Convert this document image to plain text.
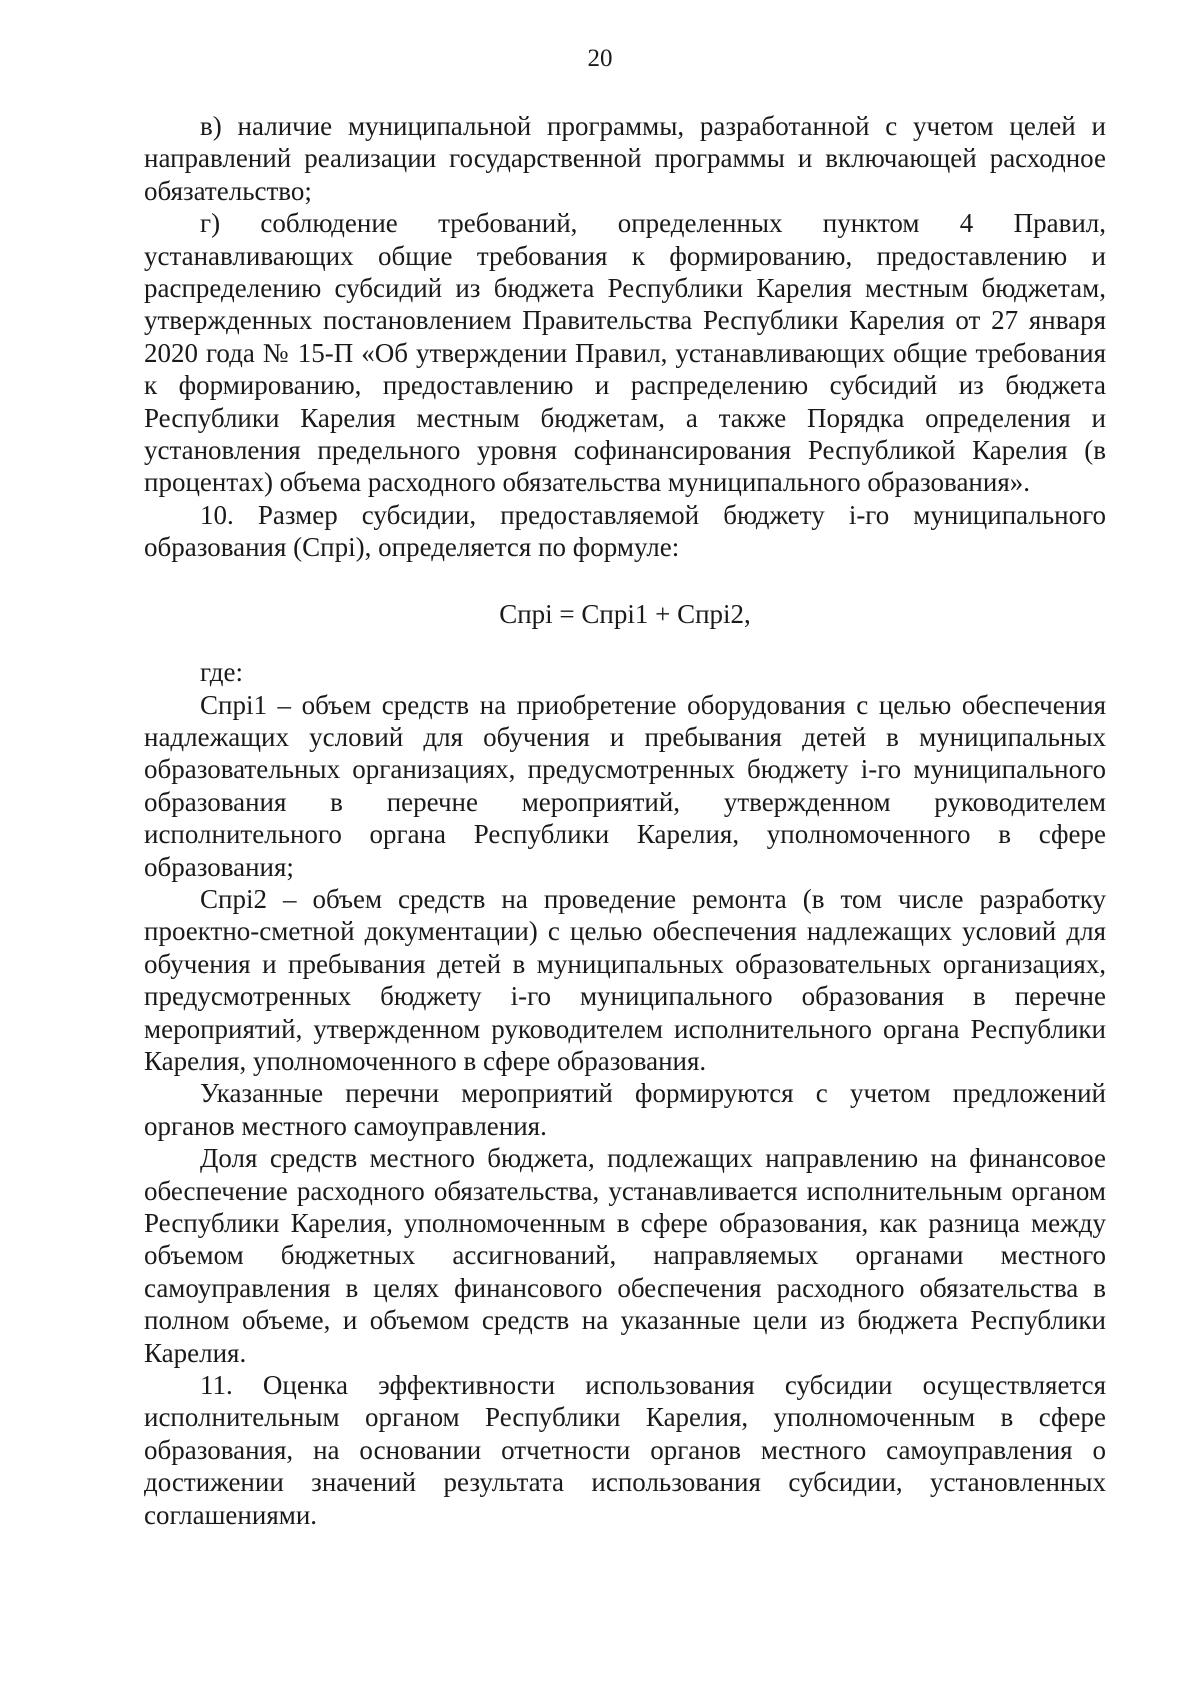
20

в) наличие муниципальной программы, разработанной с учетом целей и направлений реализации государственной программы и включающей расходное обязательство;

г) соблюдение требований, определенных пунктом 4 Правил, устанавливающих общие требования к формированию, предоставлению и распределению субсидий из бюджета Республики Карелия местным бюджетам, утвержденных постановлением Правительства Республики Карелия от 27 января 2020 года № 15-П «Об утверждении Правил, устанавливающих общие требования к формированию, предоставлению и распределению субсидий из бюджета Республики Карелия местным бюджетам, а также Порядка определения и установления предельного уровня софинансирования Республикой Карелия (в процентах) объема расходного обязательства муниципального образования».

10. Размер субсидии, предоставляемой бюджету i-го муниципального образования (Cпрi), определяется по формуле:

Cпрi = Cпрi1 + Cпрi2,

где:

Cпрi1 – объем средств на приобретение оборудования с целью обеспечения надлежащих условий для обучения и пребывания детей в муниципальных образовательных организациях, предусмотренных бюджету i-го муниципального образования в перечне мероприятий, утвержденном руководителем исполнительного органа Республики Карелия, уполномоченного в сфере образования;

Cпрi2 – объем средств на проведение ремонта (в том числе разработку проектно-сметной документации) с целью обеспечения надлежащих условий для обучения и пребывания детей в муниципальных образовательных организациях, предусмотренных бюджету i-го муниципального образования в перечне мероприятий, утвержденном руководителем исполнительного органа Республики Карелия, уполномоченного в сфере образования.

Указанные перечни мероприятий формируются с учетом предложений органов местного самоуправления.

Доля средств местного бюджета, подлежащих направлению на финансовое обеспечение расходного обязательства, устанавливается исполнительным органом Республики Карелия, уполномоченным в сфере образования, как разница между объемом бюджетных ассигнований, направляемых органами местного самоуправления в целях финансового обеспечения расходного обязательства в полном объеме, и объемом средств на указанные цели из бюджета Республики Карелия.

11. Оценка эффективности использования субсидии осуществляется исполнительным органом Республики Карелия, уполномоченным в сфере образования, на основании отчетности органов местного самоуправления о достижении значений результата использования субсидии, установленных соглашениями.
